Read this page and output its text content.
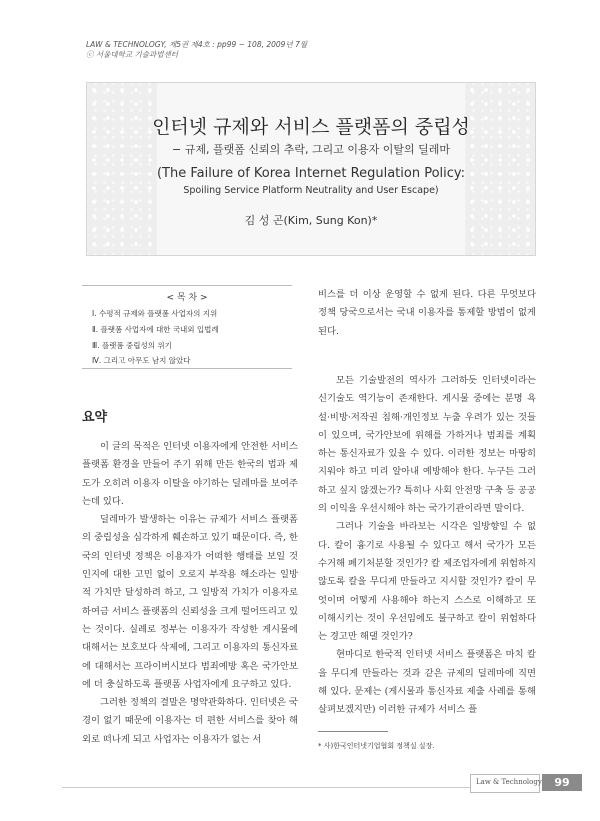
LAW & TECHNOLOGY, 제5권 제4호 : pp99 − 108, 2009년 7월
ⓒ 서울대학교 기술과법센터
인터넷 규제와 서비스 플랫폼의 중립성
− 규제, 플랫폼 신뢰의 추락, 그리고 이용자 이탈의 딜레마
(The Failure of Korea Internet Regulation Policy:
Spoiling Service Platform Neutrality and User Escape)
김 성 곤(Kim, Sung Kon)*
< 목 차 >
Ⅰ. 수평적 규제와 플랫폼 사업자의 지위
Ⅱ. 플랫폼 사업자에 대한 국내외 입법례
Ⅲ. 플랫폼 중립성의 위기
Ⅳ. 그리고 아무도 남지 않았다
요약

이 글의 목적은 인터넷 이용자에게 안전한 서비스 플랫폼 환경을 만들어 주기 위해 만든 한국의 법과 제도가 오히려 이용자 이탈을 야기하는 딜레마를 보여주는데 있다.

딜레마가 발생하는 이유는 규제가 서비스 플랫폼의 중립성을 심각하게 훼손하고 있기 때문이다. 즉, 한국의 인터넷 정책은 이용자가 어떠한 행태를 보일 것인지에 대한 고민 없이 오로지 부작용 해소라는 일방적 가치만 달성하려 하고, 그 일방적 가치가 이용자로 하여금 서비스 플랫폼의 신뢰성을 크게 떨어뜨리고 있는 것이다. 실례로 정부는 이용자가 작성한 게시물에 대해서는 보호보다 삭제에, 그리고 이용자의 통신자료에 대해서는 프라이버시보다 범죄예방 혹은 국가안보에 더 충실하도록 플랫폼 사업자에게 요구하고 있다.

그러한 정책의 결말은 명약관화하다. 인터넷은 국경이 없기 때문에 이용자는 더 편한 서비스를 찾아 해외로 떠나게 되고 사업자는 이용자가 없는 서

비스를 더 이상 운영할 수 없게 된다. 다른 무엇보다 정책 당국으로서는 국내 이용자를 통제할 방법이 없게 된다.

모든 기술발전의 역사가 그러하듯 인터넷이라는 신기술도 역기능이 존재한다. 게시물 중에는 분명 욕설·비방·저작권 침해·개인정보 누출 우려가 있는 것들이 있으며, 국가안보에 위해를 가하거나 범죄를 계획하는 통신자료가 있을 수 있다. 이러한 정보는 마땅히 지워야 하고 미리 알아내 예방해야 한다. 누구든 그러하고 싶지 않겠는가? 특히나 사회 안전망 구축 등 공공의 이익을 우선시해야 하는 국가기관이라면 말이다.

그러나 기술을 바라보는 시각은 일방향일 수 없다. 칼이 흉기로 사용될 수 있다고 해서 국가가 모든 수거해 폐기처분할 것인가? 칼 제조업자에게 위험하지 않도록 칼을 무디게 만들라고 지시할 것인가? 칼이 무엇이며 어떻게 사용해야 하는지 스스로 이해하고 또 이해시키는 것이 우선임에도 불구하고 칼이 위험하다는 경고만 해댈 것인가?

현마디로 한국적 인터넷 서비스 플랫폼은 마치 칼을 무디게 만들라는 것과 같은 규제의 딜레마에 직면해 있다. 문제는 (게시물과 통신자료 제출 사례를 통해 살펴보겠지만) 이러한 규제가 서비스 플

* 사)한국인터넷기업협회 정책실 실장.
Law & Technology	99
